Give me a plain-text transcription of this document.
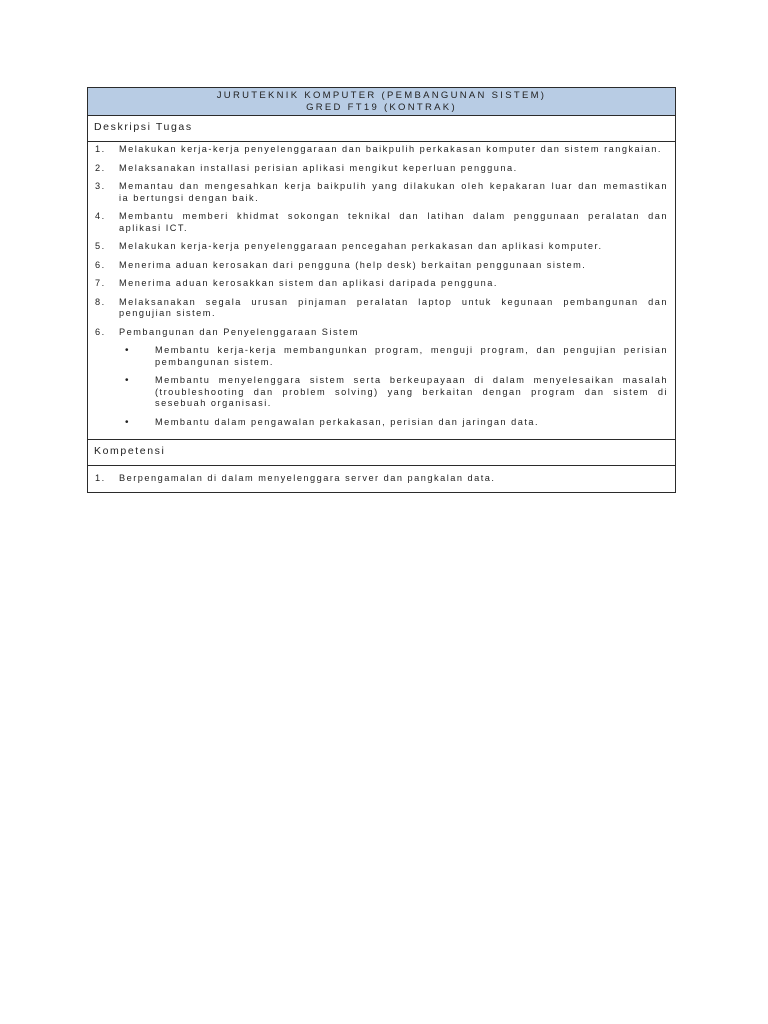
JURUTEKNIK KOMPUTER (PEMBANGUNAN SISTEM)
GRED FT19 (KONTRAK)
Deskripsi Tugas
1.	Melakukan kerja-kerja penyelenggaraan dan baikpulih perkakasan komputer dan sistem rangkaian.
2.	Melaksanakan installasi perisian aplikasi mengikut keperluan pengguna.
3.	Memantau dan mengesahkan kerja baikpulih yang dilakukan oleh kepakaran luar dan memastikan ia bertungsi dengan baik.
4.	Membantu memberi khidmat sokongan teknikal dan latihan dalam penggunaan peralatan dan aplikasi ICT.
5.	Melakukan kerja-kerja penyelenggaraan pencegahan perkakasan dan aplikasi komputer.
6.	Menerima aduan kerosakan dari pengguna (help desk) berkaitan penggunaan sistem.
7.	Menerima aduan kerosakkan sistem dan aplikasi daripada pengguna.
8.	Melaksanakan segala urusan pinjaman peralatan laptop untuk kegunaan pembangunan dan pengujian sistem.
6.	Pembangunan dan Penyelenggaraan Sistem
•	Membantu kerja-kerja membangunkan program, menguji program, dan pengujian perisian pembangunan sistem.
•	Membantu menyelenggara sistem serta berkeupayaan di dalam menyelesaikan masalah (troubleshooting dan problem solving) yang berkaitan dengan program dan sistem di sesebuah organisasi.
•	Membantu dalam pengawalan perkakasan, perisian dan jaringan data.
Kompetensi
1.	Berpengamalan di dalam menyelenggara server dan pangkalan data.
